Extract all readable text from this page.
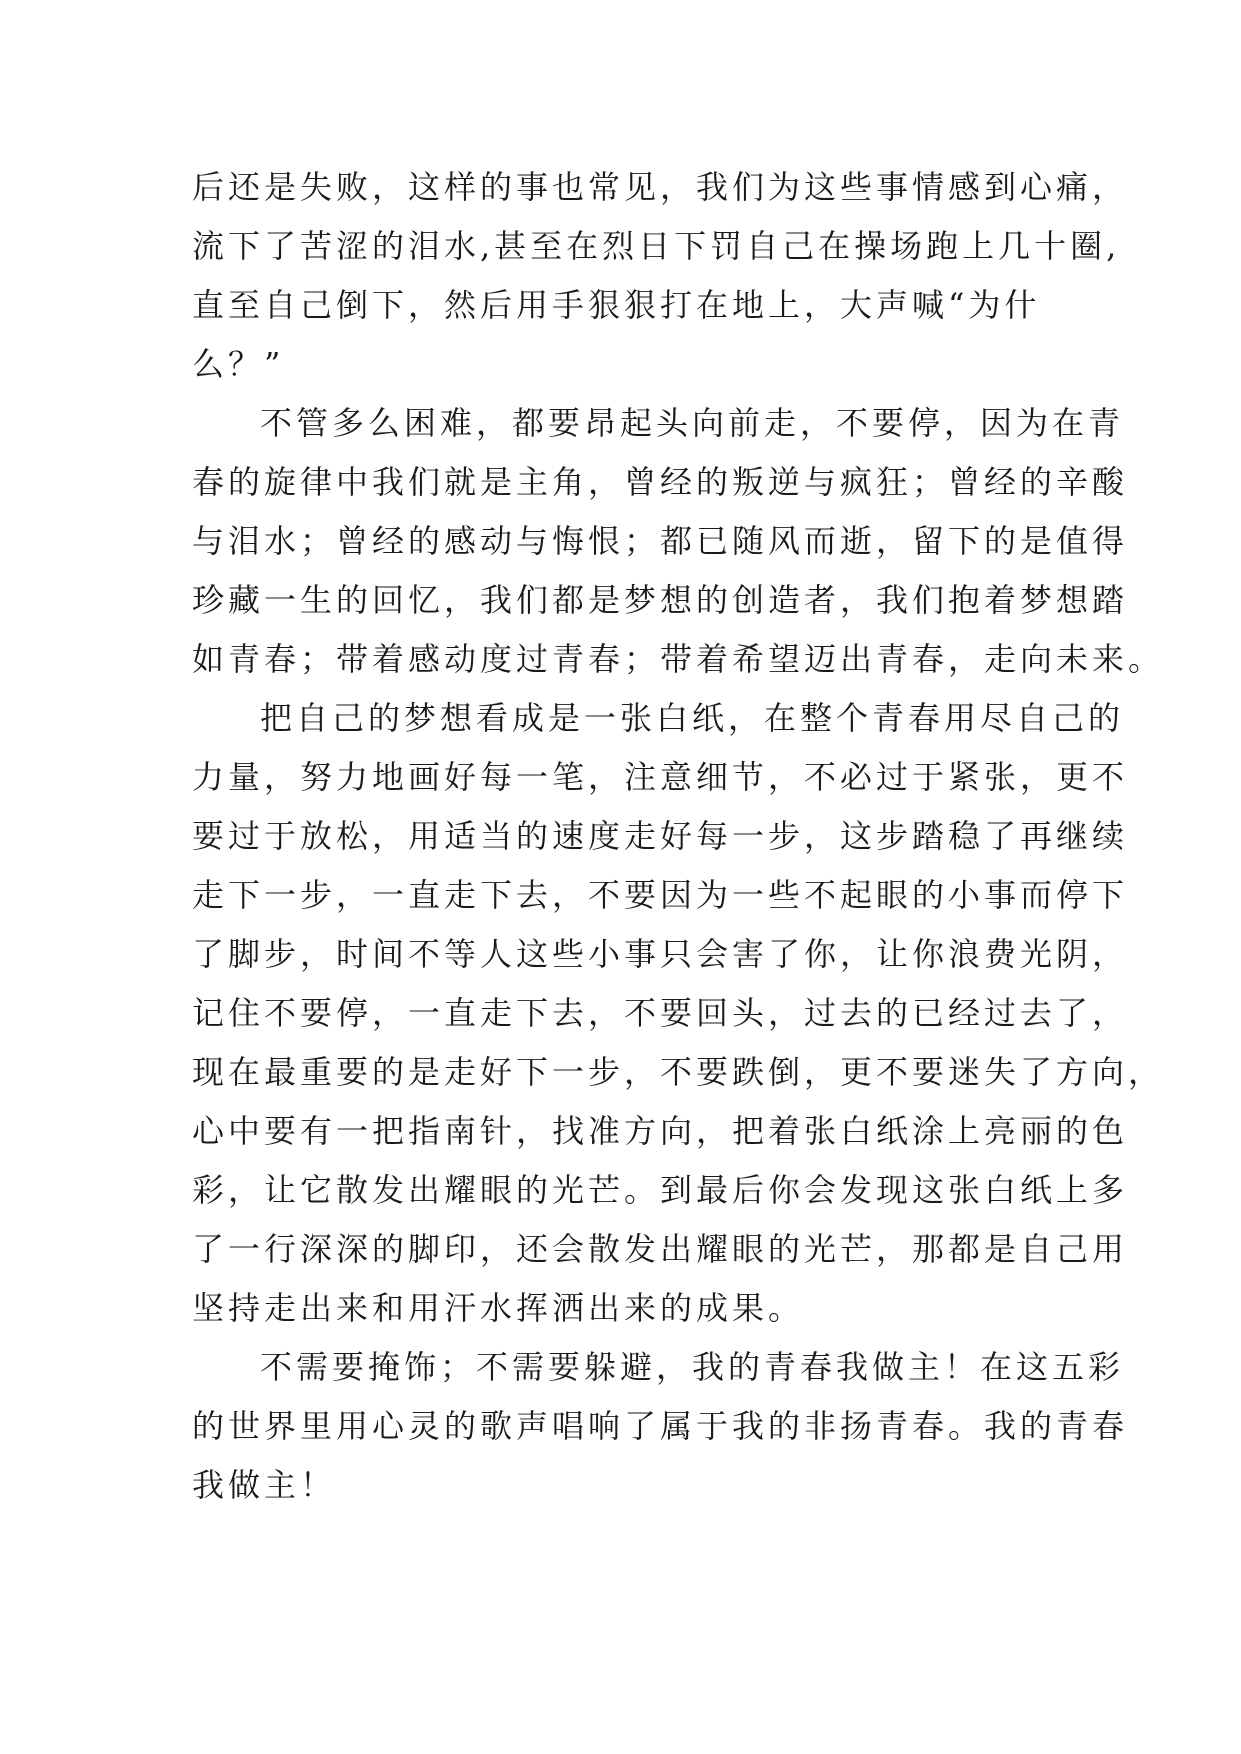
后还是失败，这样的事也常见，我们为这些事情感到心痛，
流下了苦涩的泪水,甚至在烈日下罚自己在操场跑上几十圈,
直至自己倒下，然后用手狠狠打在地上，大声喊“为什
么？”
不管多么困难，都要昂起头向前走，不要停，因为在青
春的旋律中我们就是主角，曾经的叛逆与疯狂；曾经的辛酸
与泪水；曾经的感动与悔恨；都已随风而逝，留下的是值得
珍藏一生的回忆，我们都是梦想的创造者，我们抱着梦想踏
如青春；带着感动度过青春；带着希望迈出青春，走向未来。
把自己的梦想看成是一张白纸，在整个青春用尽自己的
力量，努力地画好每一笔，注意细节，不必过于紧张，更不
要过于放松，用适当的速度走好每一步，这步踏稳了再继续
走下一步，一直走下去，不要因为一些不起眼的小事而停下
了脚步，时间不等人这些小事只会害了你，让你浪费光阴，
记住不要停，一直走下去，不要回头，过去的已经过去了，
现在最重要的是走好下一步，不要跌倒，更不要迷失了方向，
心中要有一把指南针，找准方向，把着张白纸涂上亮丽的色
彩，让它散发出耀眼的光芒。到最后你会发现这张白纸上多
了一行深深的脚印，还会散发出耀眼的光芒，那都是自己用
坚持走出来和用汗水挥洒出来的成果。
不需要掩饰；不需要躲避，我的青春我做主！在这五彩
的世界里用心灵的歌声唱响了属于我的非扬青春。我的青春
我做主！
